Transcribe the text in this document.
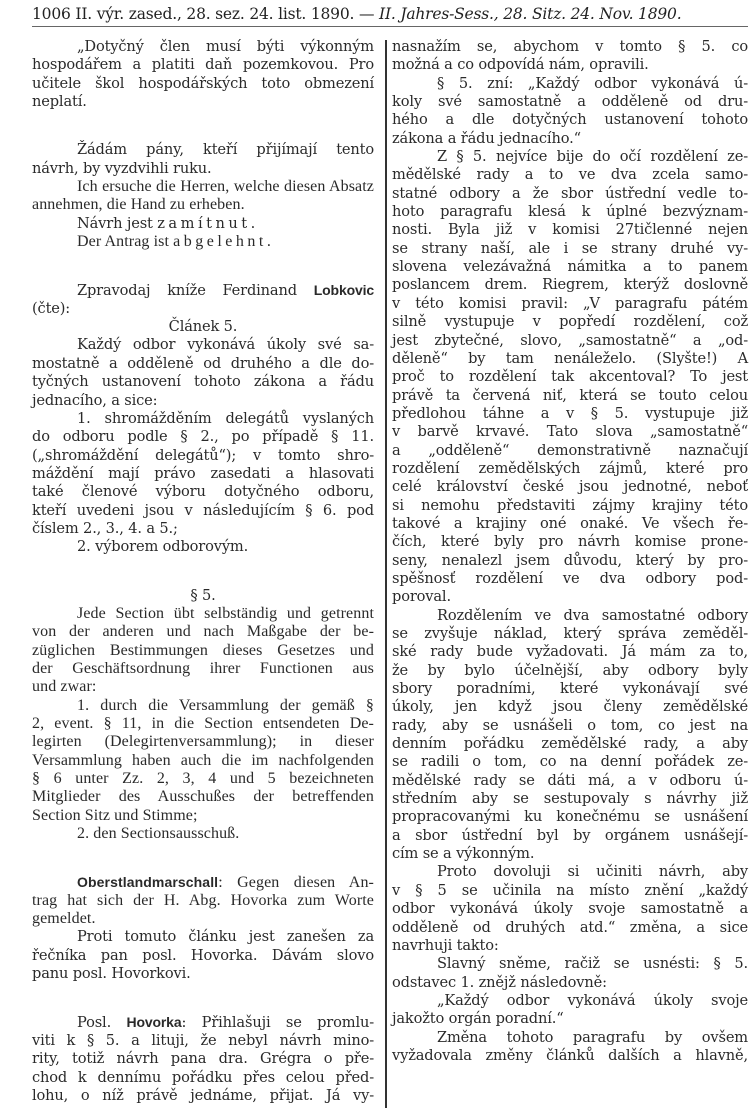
1006 II. výr. zased., 28. sez. 24. list. 1890. — II. Jahres-Sess., 28. Sitz. 24. Nov. 1890.
„Dotyčný člen musí býti výkonným
hospodářem a platiti daň pozemkovou. Pro
učitele škol hospodářských toto obmezení
neplatí.
Žádám pány, kteří přijímají tento
návrh, by vyzdvihli ruku.
Ich ersuche die Herren, welche diesen Absatz
annehmen, die Hand zu erheben.
Návrh jest zamítnut.
Der Antrag ist abgelehnt.
Zpravodaj kníže Ferdinand Lobkovic
(čte):
Článek 5.
Každý odbor vykonává úkoly své sa-
mostatně a odděleně od druhého a dle do-
tyčných ustanovení tohoto zákona a řádu
jednacího, a sice:
1. shromážděním delegátů vyslaných
do odboru podle § 2., po případě § 11.
(„shromáždění delegátů“); v tomto shro-
máždění mají právo zasedati a hlasovati
také členové výboru dotyčného odboru,
kteří uvedeni jsou v následujícím § 6. pod
číslem 2., 3., 4. a 5.;
2. výborem odborovým.
§ 5.
Jede Section übt selbständig und getrennt
von der anderen und nach Maßgabe der be-
züglichen Bestimmungen dieses Gesetzes und
der Geschäftsordnung ihrer Functionen aus
und zwar:
1. durch die Versammlung der gemäß §
2, event. § 11, in die Section entsendeten De-
legirten (Delegirtenversammlung); in dieser
Versammlung haben auch die im nachfolgenden
§ 6 unter Zz. 2, 3, 4 und 5 bezeichneten
Mitglieder des Ausschußes der betreffenden
Section Sitz und Stimme;
2. den Sectionsausschuß.
Oberstlandmarschall: Gegen diesen An-
trag hat sich der H. Abg. Hovorka zum Worte
gemeldet.
Proti tomuto článku jest zanešen za
řečníka pan posl. Hovorka. Dávám slovo
panu posl. Hovorkovi.
Posl. Hovorka: Přihlašuji se promlu-
viti k § 5. a lituji, že nebyl návrh mino-
rity, totiž návrh pana dra. Grégra o pře-
chod k dennímu pořádku přes celou před-
lohu, o níž právě jednáme, přijat. Já vy-
nasnažím se, abychom v tomto § 5. co
možná a co odpovídá nám, opravili.
§ 5. zní: „Každý odbor vykonává ú-
koly své samostatně a odděleně od dru-
hého a dle dotyčných ustanovení tohoto
zákona a řádu jednacího.“
Z § 5. nejvíce bije do očí rozdělení ze-
mědělské rady a to ve dva zcela samo-
statné odbory a že sbor ústřední vedle to-
hoto paragrafu klesá k úplné bezvýznam-
nosti. Byla již v komisi 27tičlenné nejen
se strany naší, ale i se strany druhé vy-
slovena velezávažná námitka a to panem
poslancem drem. Riegrem, kterýž doslovně
v této komisi pravil: „V paragrafu pátém
silně vystupuje v popředí rozdělení, což
jest zbytečné, slovo, „samostatně“ a „od-
děleně“ by tam nenáleželo. (Slyšte!) A
proč to rozdělení tak akcentoval? To jest
právě ta červená niť, která se touto celou
předlohou táhne a v § 5. vystupuje již
v barvě krvavé. Tato slova „samostatně“
a „odděleně“ demonstrativně naznačují
rozdělení zemědělských zájmů, které pro
celé království české jsou jednotné, neboť
si nemohu představiti zájmy krajiny této
takové a krajiny oné onaké. Ve všech ře-
čích, které byly pro návrh komise prone-
seny, nenalezl jsem důvodu, který by pro-
spěšnosť rozdělení ve dva odbory pod-
poroval.
Rozdělením ve dva samostatné odbory
se zvyšuje náklad, který správa zeměděl-
ské rady bude vyžadovati. Já mám za to,
že by bylo účelnější, aby odbory byly
sbory poradními, které vykonávají své
úkoly, jen když jsou členy zemědělské
rady, aby se usnášeli o tom, co jest na
denním pořádku zemědělské rady, a aby
se radili o tom, co na denní pořádek ze-
mědělské rady se dáti má, a v odboru ú-
středním aby se sestupovaly s návrhy již
propracovanými ku konečnému se usnášení
a sbor ústřední byl by orgánem usnášejí-
cím se a výkonným.
Proto dovoluji si učiniti návrh, aby
v § 5 se učinila na místo znění „každý
odbor vykonává úkoly svoje samostatně a
odděleně od druhých atd.“ změna, a sice
navrhuji takto:
Slavný sněme, račiž se usnésti: § 5.
odstavec 1. znějž následovně:
„Každý odbor vykonává úkoly svoje
jakožto orgán poradní.“
Změna tohoto paragrafu by ovšem
vyžadovala změny článků dalších a hlavně,
